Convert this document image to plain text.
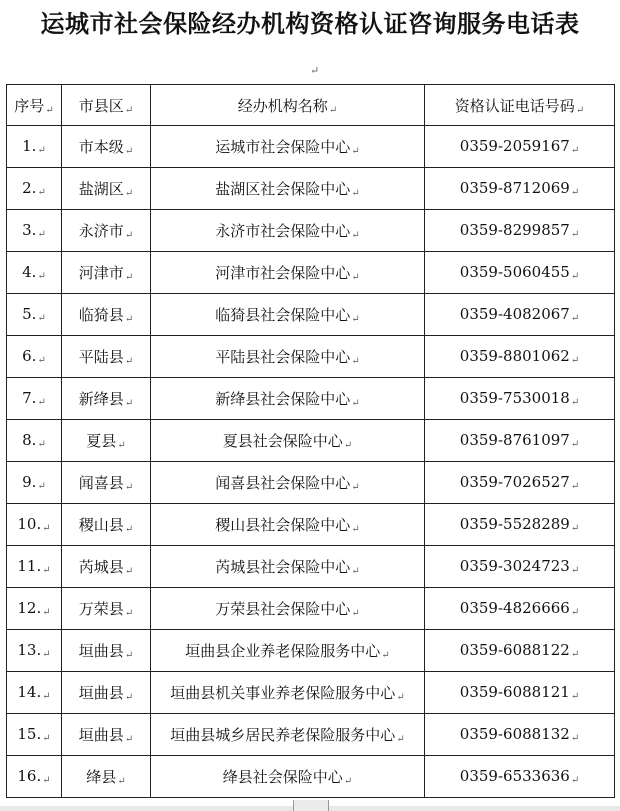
运城市社会保险经办机构资格认证咨询服务电话表
↵
序号↵	市县区↵	经办机构名称↵	资格认证电话号码↵
1.↵	市本级↵	运城市社会保险中心↵	0359-2059167↵
2.↵	盐湖区↵	盐湖区社会保险中心↵	0359-8712069↵
3.↵	永济市↵	永济市社会保险中心↵	0359-8299857↵
4.↵	河津市↵	河津市社会保险中心↵	0359-5060455↵
5.↵	临猗县↵	临猗县社会保险中心↵	0359-4082067↵
6.↵	平陆县↵	平陆县社会保险中心↵	0359-8801062↵
7.↵	新绛县↵	新绛县社会保险中心↵	0359-7530018↵
8.↵	夏县↵	夏县社会保险中心↵	0359-8761097↵
9.↵	闻喜县↵	闻喜县社会保险中心↵	0359-7026527↵
10.↵	稷山县↵	稷山县社会保险中心↵	0359-5528289↵
11.↵	芮城县↵	芮城县社会保险中心↵	0359-3024723↵
12.↵	万荣县↵	万荣县社会保险中心↵	0359-4826666↵
13.↵	垣曲县↵	垣曲县企业养老保险服务中心↵	0359-6088122↵
14.↵	垣曲县↵	垣曲县机关事业养老保险服务中心↵	0359-6088121↵
15.↵	垣曲县↵	垣曲县城乡居民养老保险服务中心↵	0359-6088132↵
16.↵	绛县↵	绛县社会保险中心↵	0359-6533636↵
